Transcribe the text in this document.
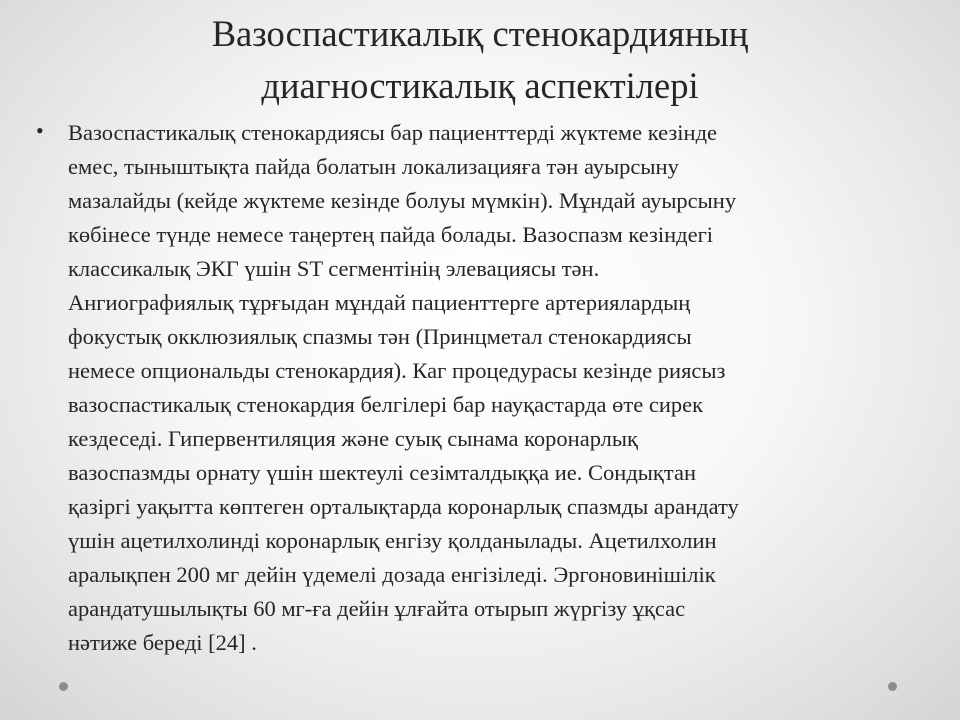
Вазоспастикалық стенокардияның
диагностикалық аспектілері
• Вазоспастикалық стенокардиясы бар пациенттерді жүктеме кезінде
емес, тыныштықта пайда болатын локализацияға тән ауырсыну
мазалайды (кейде жүктеме кезінде болуы мүмкін). Мұндай ауырсыну
көбінесе түнде немесе таңертең пайда болады. Вазоспазм кезіндегі
классикалық ЭКГ үшін ST сегментінің элевациясы тән.
Ангиографиялық тұрғыдан мұндай пациенттерге артериялардың
фокустық окклюзиялық спазмы тән (Принцметал стенокардиясы
немесе опциональды стенокардия). Каг процедурасы кезінде риясыз
вазоспастикалық стенокардия белгілері бар науқастарда өте сирек
кездеседі. Гипервентиляция және суық сынама коронарлық
вазоспазмды орнату үшін шектеулі сезімталдыққа ие. Сондықтан
қазіргі уақытта көптеген орталықтарда коронарлық спазмды арандату
үшін ацетилхолинді коронарлық енгізу қолданылады. Ацетилхолин
аралықпен 200 мг дейін үдемелі дозада енгізіледі. Эргоновинішілік
арандатушылықты 60 мг-ға дейін ұлғайта отырып жүргізу ұқсас
нәтиже береді [24] .
